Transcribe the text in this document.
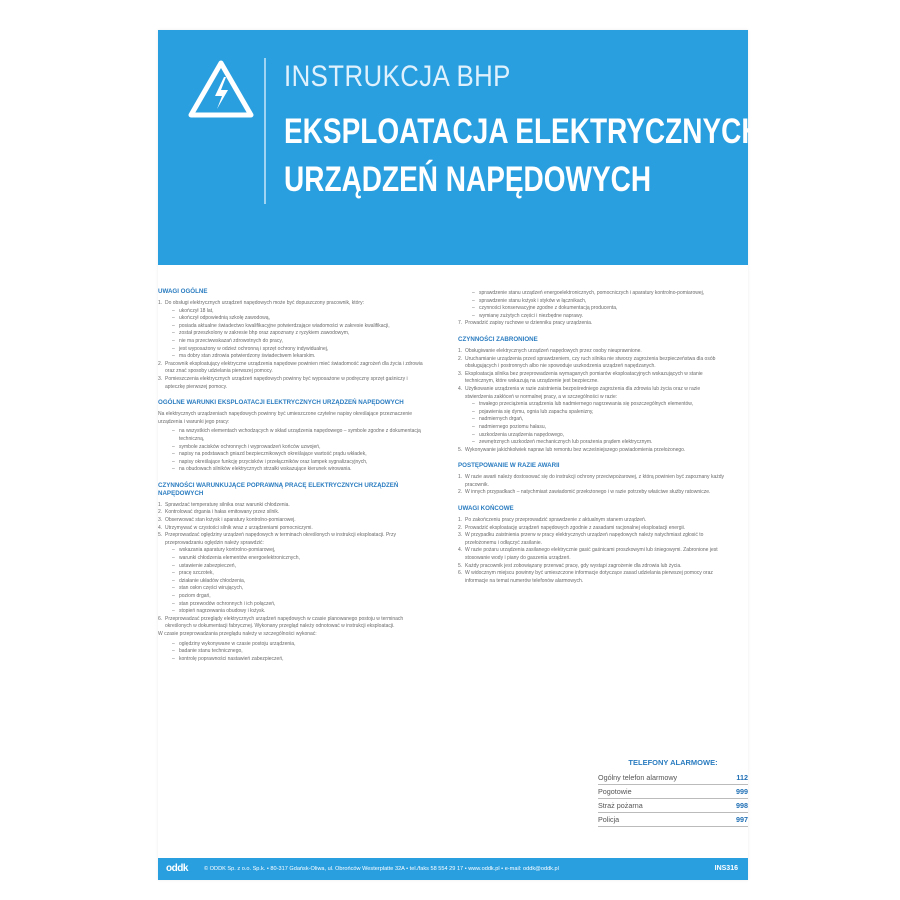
INSTRUKCJA BHP
EKSPLOATACJA ELEKTRYCZNYCH
URZĄDZEŃ NAPĘDOWYCH
UWAGI OGÓLNE
1. Do obsługi elektrycznych urządzeń napędowych może być dopuszczony pracownik, który:
– ukończył 18 lat,
– ukończył odpowiednią szkołę zawodową,
– posiada aktualne świadectwo kwalifikacyjne potwierdzające wiadomości w zakresie kwalifikacji,
– został przeszkolony w zakresie bhp oraz zapoznany z ryzykiem zawodowym,
– nie ma przeciwwskazań zdrowotnych do pracy,
– jest wyposażony w odzież ochronną i sprzęt ochrony indywidualnej,
– ma dobry stan zdrowia potwierdzony świadectwem lekarskim.
2. Pracownik eksploatujący elektryczne urządzenia napędowe powinien mieć świadomość zagrożeń dla życia i zdrowia oraz znać sposoby udzielania pierwszej pomocy.
3. Pomieszczenia elektrycznych urządzeń napędowych powinny być wyposażone w podręczny sprzęt gaśniczy i apteczkę pierwszej pomocy.
OGÓLNE WARUNKI EKSPLOATACJI ELEKTRYCZNYCH URZĄDZEŃ NAPĘDOWYCH
Na elektrycznych urządzeniach napędowych powinny być umieszczone czytelne napisy określające przeznaczenie urządzenia i warunki jego pracy:
– na wszystkich elementach wchodzących w skład urządzenia napędowego – symbole zgodne z dokumentacją techniczną,
– symbole zacisków ochronnych i wyprowadzeń końców uzwojeń,
– napisy na podstawach gniazd bezpiecznikowych określające wartość prądu wkładek,
– napisy określające funkcję przycisków i przełączników oraz lampek sygnalizacyjnych,
– na obudowach silników elektrycznych strzałki wskazujące kierunek wirowania.
CZYNNOŚCI WARUNKUJĄCE POPRAWNĄ PRACĘ ELEKTRYCZNYCH URZĄDZEŃ NAPĘDOWYCH
1. Sprawdzać temperaturę silnika oraz warunki chłodzenia.
2. Kontrolować drgania i hałas emitowany przez silnik.
3. Obserwować stan łożysk i aparatury kontrolno-pomiarowej.
4. Utrzymywać w czystości silnik wraz z urządzeniami pomocniczymi.
5. Przeprowadzać oględziny urządzeń napędowych w terminach określonych w instrukcji eksploatacji. Przy przeprowadzaniu oględzin należy sprawdzić:
– wskazania aparatury kontrolno-pomiarowej,
– warunki chłodzenia elementów energoelektronicznych,
– ustawienie zabezpieczeń,
– pracę szczotek,
– działanie układów chłodzenia,
– stan osłon części wirujących,
– poziom drgań,
– stan przewodów ochronnych i ich połączeń,
– stopień nagrzewania obudowy i łożysk.
6. Przeprowadzać przeglądy elektrycznych urządzeń napędowych w czasie planowanego postoju w terminach określonych w dokumentacji fabrycznej. Wykonany przegląd należy odnotować w instrukcji eksploatacji.
W czasie przeprowadzania przeglądu należy w szczególności wykonać:
– oględziny wykonywane w czasie postoju urządzenia,
– badanie stanu technicznego,
– kontrolę poprawności nastawień zabezpieczeń,
– sprawdzenie stanu urządzeń energoelektronicznych, pomocniczych i aparatury kontrolno-pomiarowej,
– sprawdzenie stanu łożysk i styków w łącznikach,
– czynności konserwacyjne zgodne z dokumentacją producenta,
– wymianę zużytych części i niezbędne naprawy.
7. Prowadzić zapisy ruchowe w dzienniku pracy urządzenia.
CZYNNOŚCI ZABRONIONE
1. Obsługiwanie elektrycznych urządzeń napędowych przez osoby nieuprawnione.
2. Uruchamianie urządzenia przed sprawdzeniem, czy ruch silnika nie stworzy zagrożenia bezpieczeństwa dla osób obsługujących i postronnych albo nie spowoduje uszkodzenia urządzeń napędzanych.
3. Eksploatacja silnika bez przeprowadzenia wymaganych pomiarów eksploatacyjnych wskazujących w stanie technicznym, które wskazują na urządzenie jest bezpieczne.
4. Użytkowanie urządzenia w razie zaistnienia bezpośredniego zagrożenia dla zdrowia lub życia oraz w razie stwierdzenia zakłóceń w normalnej pracy, a w szczególności w razie:
– trwałego przeciążenia urządzenia lub nadmiernego nagrzewania się poszczególnych elementów,
– pojawienia się dymu, ognia lub zapachu spalenizny,
– nadmiernych drgań,
– nadmiernego poziomu hałasu,
– uszkodzenia urządzenia napędowego,
– zewnętrznych uszkodzeń mechanicznych lub porażenia prądem elektrycznym.
5. Wykonywanie jakichkolwiek napraw lub remontu bez wcześniejszego powiadomienia przełożonego.
POSTĘPOWANIE W RAZIE AWARII
1. W razie awarii należy dostosować się do instrukcji ochrony przeciwpożarowej, z którą powinien być zapoznany każdy pracownik.
2. W innych przypadkach – natychmiast zawiadomić przełożonego i w razie potrzeby właściwe służby ratownicze.
UWAGI KOŃCOWE
1. Po zakończeniu pracy przeprowadzić sprawdzenie z aktualnym stanem urządzeń.
2. Prowadzić eksploatację urządzeń napędowych zgodnie z zasadami racjonalnej eksploatacji energii.
3. W przypadku zaistnienia przerw w pracy elektrycznych urządzeń napędowych należy natychmiast zgłosić to przełożonemu i odłączyć zasilanie.
4. W razie pożaru urządzenia zasilanego elektrycznie gasić gaśnicami proszkowymi lub śniegowymi. Zabronione jest stosowanie wody i piany do gaszenia urządzeń.
5. Każdy pracownik jest zobowiązany przerwać pracę, gdy wystąpi zagrożenie dla zdrowia lub życia.
6. W widocznym miejscu powinny być umieszczone informacje dotyczące zasad udzielania pierwszej pomocy oraz informacje na temat numerów telefonów alarmowych.
TELEFONY ALARMOWE:
Ogólny telefon alarmowy	112
Pogotowie	999
Straż pożarna	998
Policja	997
oddk	© ODDK Sp. z o.o. Sp.k. • 80-317 Gdańsk-Oliwa, ul. Obrońców Westerplatte 32A • tel./faks 58 554 29 17 • www.oddk.pl • e-mail: oddk@oddk.pl	INS316
